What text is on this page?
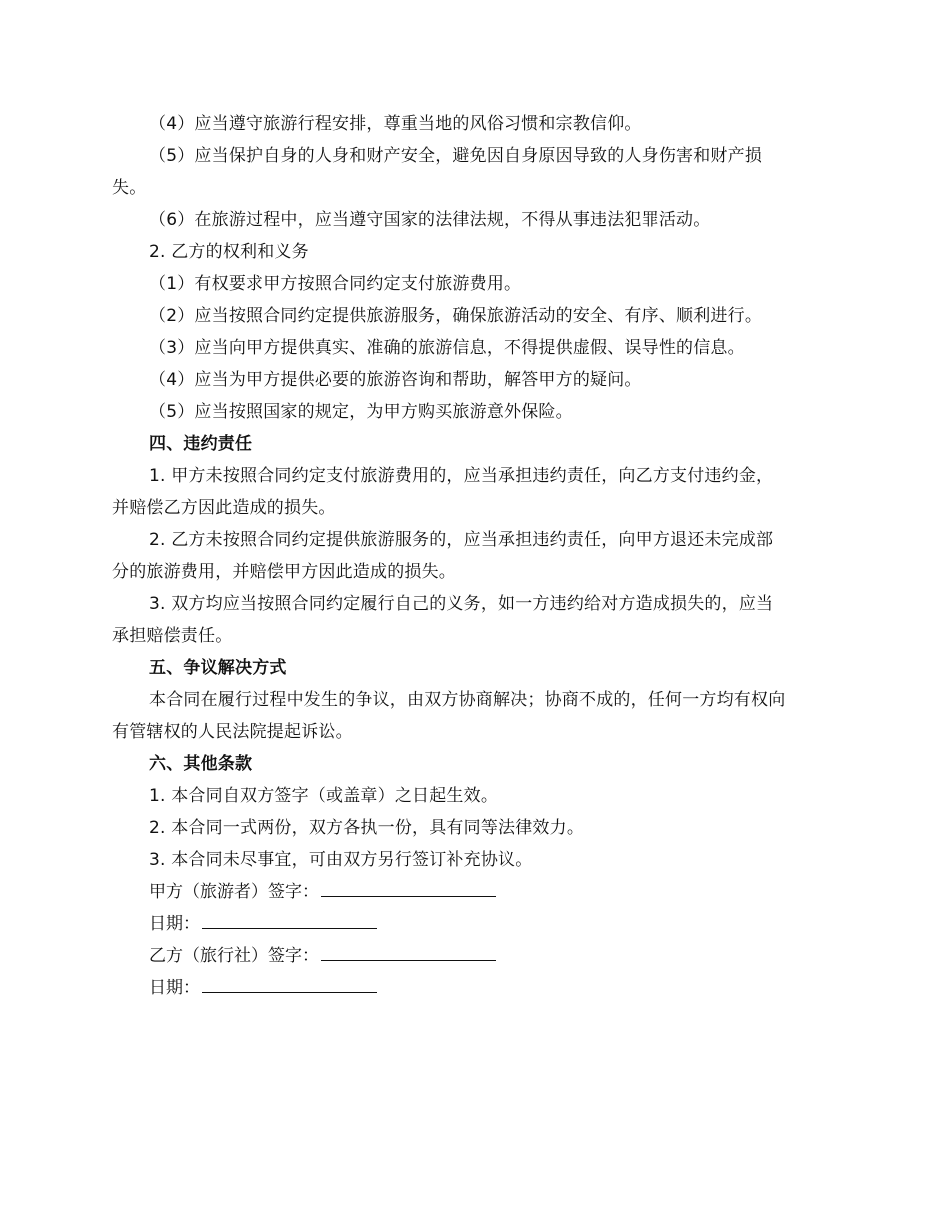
（4）应当遵守旅游行程安排，尊重当地的风俗习惯和宗教信仰。
（5）应当保护自身的人身和财产安全，避免因自身原因导致的人身伤害和财产损
失。
（6）在旅游过程中，应当遵守国家的法律法规，不得从事违法犯罪活动。
2. 乙方的权利和义务
（1）有权要求甲方按照合同约定支付旅游费用。
（2）应当按照合同约定提供旅游服务，确保旅游活动的安全、有序、顺利进行。
（3）应当向甲方提供真实、准确的旅游信息，不得提供虚假、误导性的信息。
（4）应当为甲方提供必要的旅游咨询和帮助，解答甲方的疑问。
（5）应当按照国家的规定，为甲方购买旅游意外保险。
四、违约责任
1. 甲方未按照合同约定支付旅游费用的，应当承担违约责任，向乙方支付违约金，
并赔偿乙方因此造成的损失。
2. 乙方未按照合同约定提供旅游服务的，应当承担违约责任，向甲方退还未完成部
分的旅游费用，并赔偿甲方因此造成的损失。
3. 双方均应当按照合同约定履行自己的义务，如一方违约给对方造成损失的，应当
承担赔偿责任。
五、争议解决方式
本合同在履行过程中发生的争议，由双方协商解决；协商不成的，任何一方均有权向
有管辖权的人民法院提起诉讼。
六、其他条款
1. 本合同自双方签字（或盖章）之日起生效。
2. 本合同一式两份，双方各执一份，具有同等法律效力。
3. 本合同未尽事宜，可由双方另行签订补充协议。
甲方（旅游者）签字：
日期：
乙方（旅行社）签字：
日期：
